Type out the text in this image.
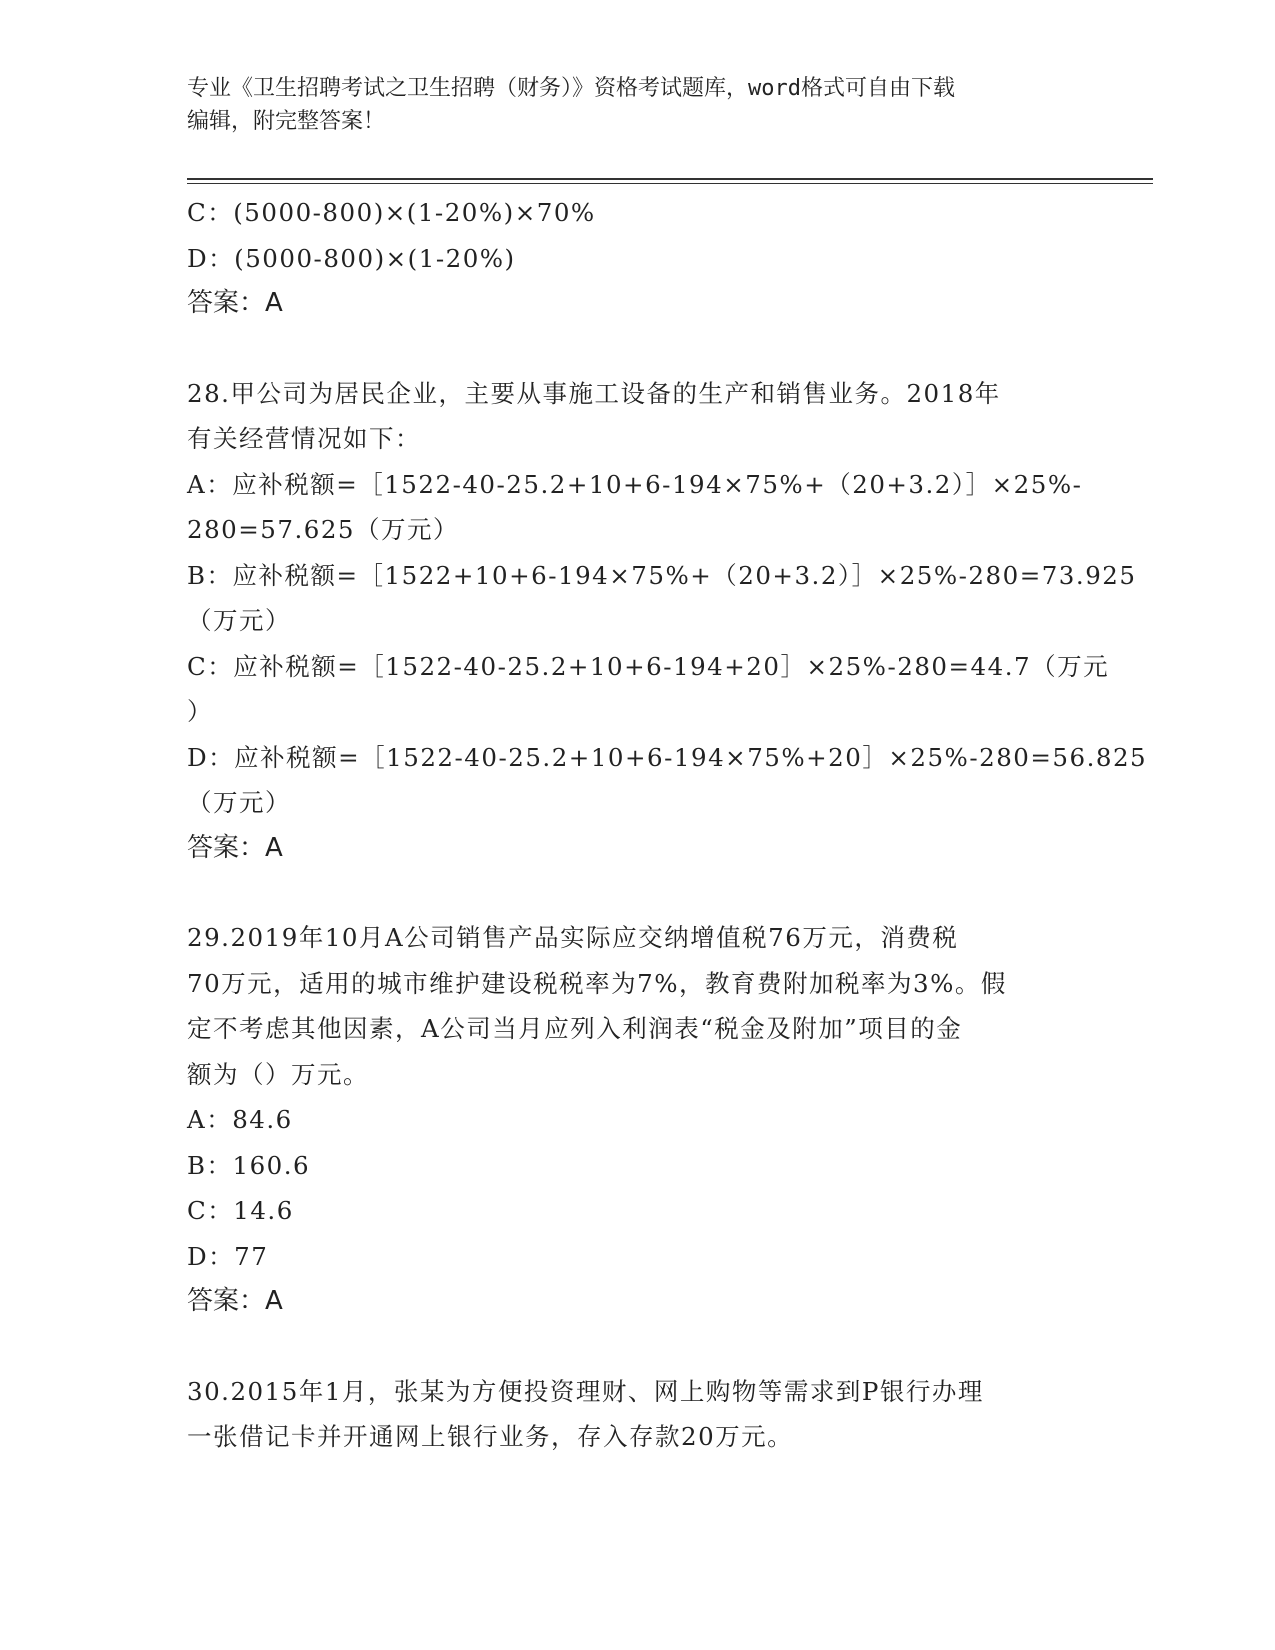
专业《卫生招聘考试之卫生招聘（财务）》资格考试题库，word格式可自由下载
编辑，附完整答案！
C：(5000-800)×(1-20%)×70%
D：(5000-800)×(1-20%)
答案：A
28.甲公司为居民企业，主要从事施工设备的生产和销售业务。2018年
有关经营情况如下：
A：应补税额=［1522-40-25.2+10+6-194×75%+（20+3.2）］×25%-
280=57.625（万元）
B：应补税额=［1522+10+6-194×75%+（20+3.2）］×25%-280=73.925
（万元）
C：应补税额=［1522-40-25.2+10+6-194+20］×25%-280=44.7（万元
）
D：应补税额=［1522-40-25.2+10+6-194×75%+20］×25%-280=56.825
（万元）
答案：A
29.2019年10月A公司销售产品实际应交纳增值税76万元，消费税
70万元，适用的城市维护建设税税率为7%，教育费附加税率为3%。假
定不考虑其他因素，A公司当月应列入利润表“税金及附加”项目的金
额为（）万元。
A：84.6
B：160.6
C：14.6
D：77
答案：A
30.2015年1月，张某为方便投资理财、网上购物等需求到P银行办理
一张借记卡并开通网上银行业务，存入存款20万元。
